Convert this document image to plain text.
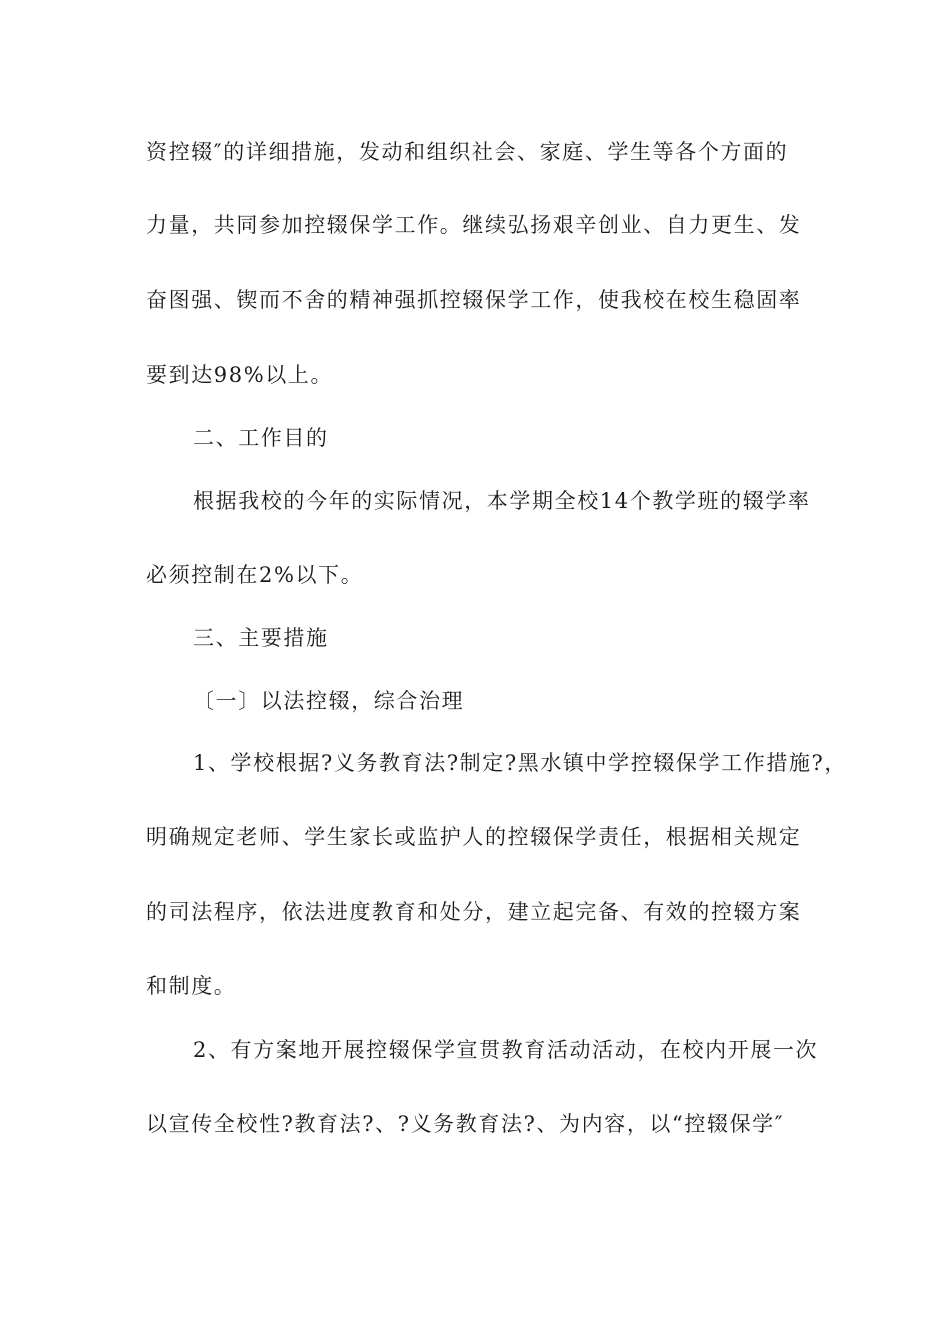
资控辍″的详细措施，发动和组织社会、家庭、学生等各个方面的
力量，共同参加控辍保学工作。继续弘扬艰辛创业、自力更生、发
奋图强、锲而不舍的精神强抓控辍保学工作，使我校在校生稳固率
要到达98%以上。
二、工作目的
根据我校的今年的实际情况，本学期全校14个教学班的辍学率
必须控制在2%以下。
三、主要措施
〔一〕以法控辍，综合治理
1、学校根据?义务教育法?制定?黑水镇中学控辍保学工作措施?，
明确规定老师、学生家长或监护人的控辍保学责任，根据相关规定
的司法程序，依法进度教育和处分，建立起完备、有效的控辍方案
和制度。
2、有方案地开展控辍保学宣贯教育活动活动，在校内开展一次
以宣传全校性?教育法?、?义务教育法?、为内容，以“控辍保学″
